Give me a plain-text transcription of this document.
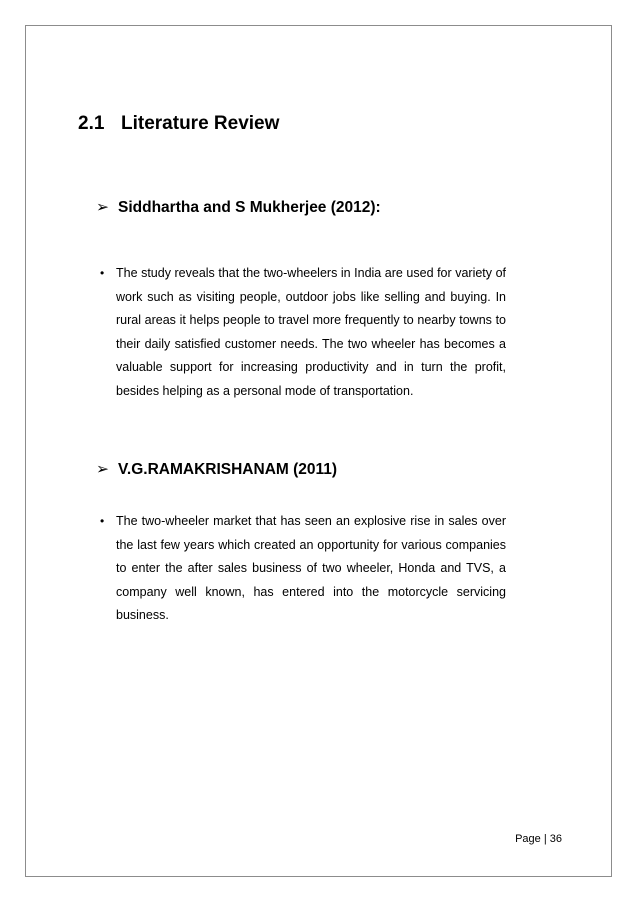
2.1 Literature Review
➢ Siddhartha and S Mukherjee (2012):
• The study reveals that the two-wheelers in India are used for variety of work such as visiting people, outdoor jobs like selling and buying. In rural areas it helps people to travel more frequently to nearby towns to their daily satisfied customer needs. The two wheeler has becomes a valuable support for increasing productivity and in turn the profit, besides helping as a personal mode of transportation.

➢ V.G.RAMAKRISHANAM (2011)
• The two-wheeler market that has seen an explosive rise in sales over the last few years which created an opportunity for various companies to enter the after sales business of two wheeler, Honda and TVS, a company well known, has entered into the motorcycle servicing business.

Page | 36
